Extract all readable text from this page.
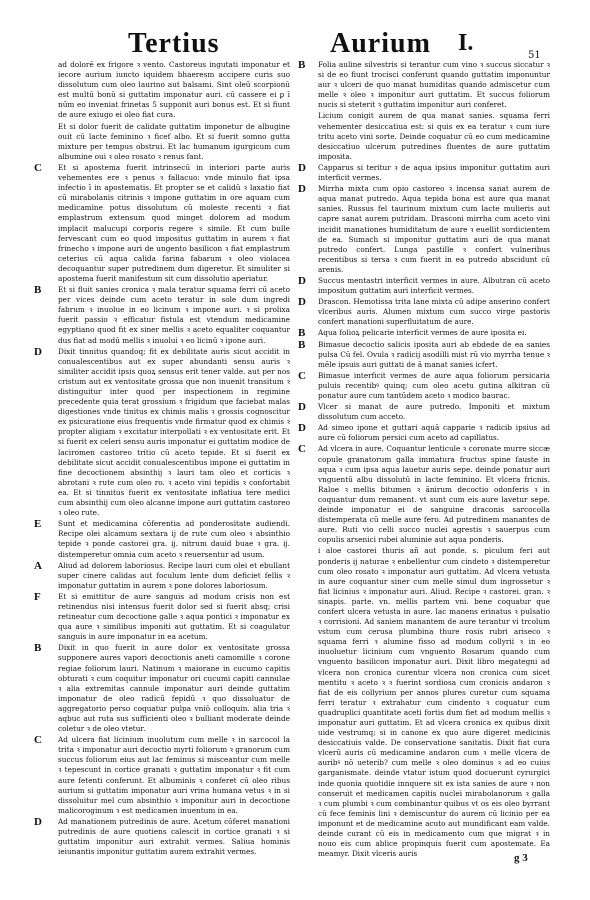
Tertius	Aurium I.	51
ad dolorē ex frigore ꝛ vento. Castoreus ingutati imponatur et iecore aurium iuncto iquidem bhaeresm accipere curis suo dissolutum cum oleo laurino aut balsami. Sint oleū scorpionū est multū bonū si guttatim imponatur auri. cū cassere ei ꝑ ī nūm eo inveniat frinetas 5 supponit auri bonus est. Et si fiunt de aure exiugo ei oleo fiat cura.
Et si dolor fuerit de calidate guttatim imponetur de albugine ouit cū lacte feminino ꝛ ficef albo. Et si fuerit somno gutta mixture per tempus obstrui. Et lac humanum igurgicum cum albumine oui ꝛ oleo rosato ꝛ renus fant.
C Et si apostema fuerit intrinsecū in interiori parte auris vehementes ere ꝛ penus ꝛ fallacuo: vnde minulo fiat ipsa infectio ī in apostematis. Et propter se et calidū ꝛ laxatio fiat cū mirabolanis citrinis ꝛ impone guttatim in ore aquam cum medicamine potus dissolutum cū moleste recenti ꝛ fiat emplastrum extensum quod minget dolorem ad modum implacit malucupi corporis regere ꝛ simile. Et cum bulle fervescant cum eo quod impositus guttatim in aurem ꝛ fiat frinecho ꝛ impone auri de ungento basilicon ꝛ fiat emplastrum ceterius cū aqua calida farina fabarum ꝛ oleo violacea decoquantur super putredinem dum digeretur. Et simuliter si apostema fuerit manifestum sit cum dissolutio aperiatur.
B Et si fluit sanies cronica ꝛ mala teratur squama ferri cū aceto per vices deinde cum aceto teratur in sole dum ingredi fabrum ꝛ inuolue in eo licinum ꝛ impone auri. ꝛ si prolixa fuerit passio ꝛ efficatur fistula est vtendum medicamine egyptiano quod fit ex siner mellis ꝛ aceto equaliter coquantur dus fiat ad modū mellis ꝛ inuolui ꝛ eo licinū ꝛ ipone auri.
D Dixit tinnitus quandoq; fit ex debilitate auris sicut accidit in conualescentibus aut ex super abundanti sensu auris ꝛ similiter accidit ipsis quoꝝ sensus erit tener valde. aut per nos cristum aut ex ventositate grossa que non inuenit transitum ꝛ distinguitur inter quod per inspectionem in regimine precedente quia terat grossium ꝛ frigidum que faciebat malas digestiones vnde tinitus ex chimis malis ꝛ grossis cognoscitur ex psicuratione eius frequentis vnde firmatur quod ex chimis ꝛ propter aligiam ꝛ excitatur interpollati ꝛ ex ventositate erit. Et si fuerit ex celeri sensu auris imponatur ei guttatim modice de laciromen castoreo tritio cū aceto tepide. Et si fuerit ex debilitate sicut accidit conualescentibus impone ei guttatim in fine decoctionem absinthij ꝛ lauri tam oleo et corticis ꝛ abrotani ꝛ rute cum oleo ro. ꝛ aceto vini tepidis ꝛ confortabit ea. Et si tinnitus fuerit ex ventositate inflatiua tere medici cum absinthij cum oleo alcanne impone auri guttatim castoreo ꝛ oleo rute.
E Sunt et medicamina cōferentia ad ponderositate audiendi. Recipe olei alcamum sextara ij de rute cum oleo ꝛ absinthio tepide ꝛ ponde castorei gra. ij. nitrum dauid buae ꝛ gra. ij. distemperetur omnia cum aceto ꝛ reuersentur ad usum.
A Aliud ad dolorem laboriosus. Recipe lauri cum olei et ebullant super cinere calidas aut foculum lente dum deficiet fellis ꝛ imponatur guttatim in aurem ꝛ pone dolores laboriosum.
F Et si emittitur de aure sanguis ad modum crisis non est retinendus nisi intensus fuerit dolor sed si fuerit absq; crisi retineatur cum decoctione galle ꝛ aqua pontici ꝛ imponatur ex qua aure ꝛ similibus imponiti aut guttatim. Et si coagulatur sanguis in aure imponatur in ea acetum.
B Dixit in quo fuerit in aure dolor ex ventositate grossa supponere aures vapori decoctionis aneti camomille ꝛ corone regiae foliorum lauri. Natinum ꝛ maiorane in cucumo capitis obturati ꝛ cum coquitur imponatur ori cucumi capiti cannulae ꝛ alia extremitas cannule imponatur auri deinde guttatim imponatur de oleo radicū fepidū ꝛ quo dissoluatur de aggregatorio perso coquatur pulpa vniō colloquin. alia tria ꝛ aqbuc aut ruta sus sufficienti oleo ꝛ bulliant moderate deinde coletur ꝛ de oleo vtetur.
C Ad ulcera fiat licinium inuolutum cum melle ꝛ in sarcocol la trita ꝛ imponatur auri decoctio myrti foliorum ꝛ granorum cum succus foliorum eius aut lac feminus si misceantur cum melle ꝛ tepescunt in cortice granati ꝛ guttatim imponatur ꝛ fit cum aure fetenti conferunt. Et albuminis ꝛ conferet cū oleo ribus aurium si guttatim imponatur auri vrina humana vetus ꝛ in si dissoluitur mel cum absinthio ꝛ imponitur auri in decoctione malicoroginum ꝛ est medicamen inuentum in ea.
D Ad manationem putredinis de aure. Acetum cōferet manationi putredinis de aure quotiens calescit in cortice granati ꝛ si guttatim imponitur auri extrahit vermes. Saliua hominis ieiunantis imponitur guttatim aurem extrahit vermes.
B Folia auline silvestris si terantur cum vino ꝛ succus siccatur ꝛ si de eo fiunt trocisci conferunt quando guttatim imponuntur aur ꝛ ulceri de quo manat humiditas quando admiscetur cum melle ꝛ oleo ꝛ imponitur auri guttatim. Et succus foliorum nucis si steterit ꝛ guttatim imponitur auri conferet.
Licium conigit aurem de qua manat sanies. squama ferri vehementer desiccatiua est: si quis ex ea teratur ꝛ cum iure tritu aceto vini sorte. Deinde coquatur cū eo cum medicamine desiccatiuo ulcerum putredines fluentes de aure guttatim imposita.
D Capparus si teritur ꝛ de aqua ipsius imponitur guttatim auri interficit vermes.
D Mirrha mixta cum opio castoreo ꝛ incensa sanat aurem de aqua manat putredo. Aqua tepida bona est aure qua manat sanies. Russus fel taurinum mixtum cum lacte mulieris aut capre sanat aurem putridam. Drasconi mirrha cum aceto vini incidit manationes humiditatum de aure ꝛ euellit sordicientem de ea. Sumach si imponitur guttatim auri de qua manat putredo confert. Lunga pastille ꝛ confert vulneribus recentibus si tersa ꝛ cum fuerit in ea putredo abscidunt cū arenis.
D Succus mentastri interficit vermes in aure. Albutran cū aceto impositum guttatim auri interficit vermes.
D Drascon. Hemotissa trita lane mixta cū adipe anserino confert vlceribus auris. Alumen mixtum cum succo virge pastoris confert manationi superfluitatum de aure.
B Aqua folioꝝ pelicarie interficit vermes de aure iposita ei.
B Bimasue decoctio salicis iposita auri ab ebdede de ea sanies pulsa Cū fel. Ovula ꝛ radicij asodilli mist rū vio myrrha tenue ꝛ mēle ipsuis auri guttati de ā manat sanies icfert.
C Bimasue interficit vermes de aure aqua foliorum persicaria puluis recentibꝰ quinq; cum oleo acetu gutina alkitran cū ponatur aure cum tantūdem aceto ꝛ modico baurac.
D Vlcer si manat de aure putredo. Imponiti et mixtum dissolutum cum acceto.
D Ad simeo ipone et guttari aquā capparie ꝛ radicib ipsius ad aure cū foliorum persici cum aceto ad capillatus.
C Ad vlcera in aure. Coquantur lenticule ꝛ coronate murre siccæ copule granatorum galla immatura fructus spine fauste in aqua ꝛ cum ipsa aqua lauetur auris sepe. deinde ponatur auri vnguentū albu dissolutū in lacte feminino. Et vlcera fricnis. Raloe ꝛ mellis bitumen ꝛ ānirum decoctio odonferis ꝛ in coquantur dum remanent. vt sunt cum eis aure lavetur sepe. deinde imponatur ei de sanguine draconis sarcocolla distemperata cū melle aure fero. Ad putredinem manantes de aure. Ruti vio celli succo nuclei agrestis ꝛ sauerpus cum copulis arsenici rubei aluminie aut aqua ponderis.
i aloe castorei thuris añ aut ponde. s. piculum feri aut ponderis ij naturae ꝛ enbellentur cum cindeto ꝛ distemperetur cum oleo rosato ꝛ imponatur auri guttatim. Ad vlcera vetusta in aure coquantur siner cum melle simul dum ingrossetur ꝛ fiat licinius ꝛ imponatur auri. Aliud. Recipe ꝛ castorei. gran. ꝛ sinapis. parte. vn. mellis partem vni. bene coquatur que confert ulcera vetusta in aure. lac manens erinatus ꝛ pulsatio ꝛ corrisioni. Ad saniem manantem de aure terantur vi trcolum vstum cum cerusa plumbina thure rosis rubri ariseco ꝛ squama ferri ꝛ alumine fisso ad modum collyrii ꝛ in eo inuoluetur licinium cum vnguento Rosarum quando cum vnguento basilicon imponatur auri. Dixit libro megategni ad vlcera non cronica curentur vlcera non cronica cum sicet mentitu ꝛ aceto ꝛ ꝛ fuerint sordiosa cum cronicis andaron ꝛ fiat de eis collyrium per annos plures curetur cum squama ferri teratur ꝛ extrahatur cum cindento ꝛ coquatur cum quadruplici quantitate aceti fortis dum fiet ad modum mellis ꝛ imponatur auri guttatim. Et ad vlcera cronica ex quibus dixit uide vestrumq; si in canone ex quo aure digeret medicinis desiccatiuis valde. De conservatione sanitatis. Dixit fiat cura vlcerū auris cū medicamine andaron cum ꝛ melle vlcera de auribꝰ nō ueterib? cum melle ꝛ oleo dominus ꝛ ad eo cuius garganismate. deinde vtatur istum quod docuerunt cyrurgici inde quonia quotidie innquere sit ex ista sanies de aure ꝛ non conseruit et medicamen capitis nuclei mirabolanorum ꝛ galla ꝛ cum plumbi ꝛ cum combinantur quibus vt os eis oleo byrrant cū fece feminis lini ꝛ demiscuntur do aurem cū licinio per ea imponunt et de medicamine acuto aut mundificant eam valde. deinde curant cū eis in medicamento cum que migrat ꝛ in nouo eis cum ablice propinquis fuerit cum apostemate. Ea meamyr. Dixit vlceris auris	g 3
